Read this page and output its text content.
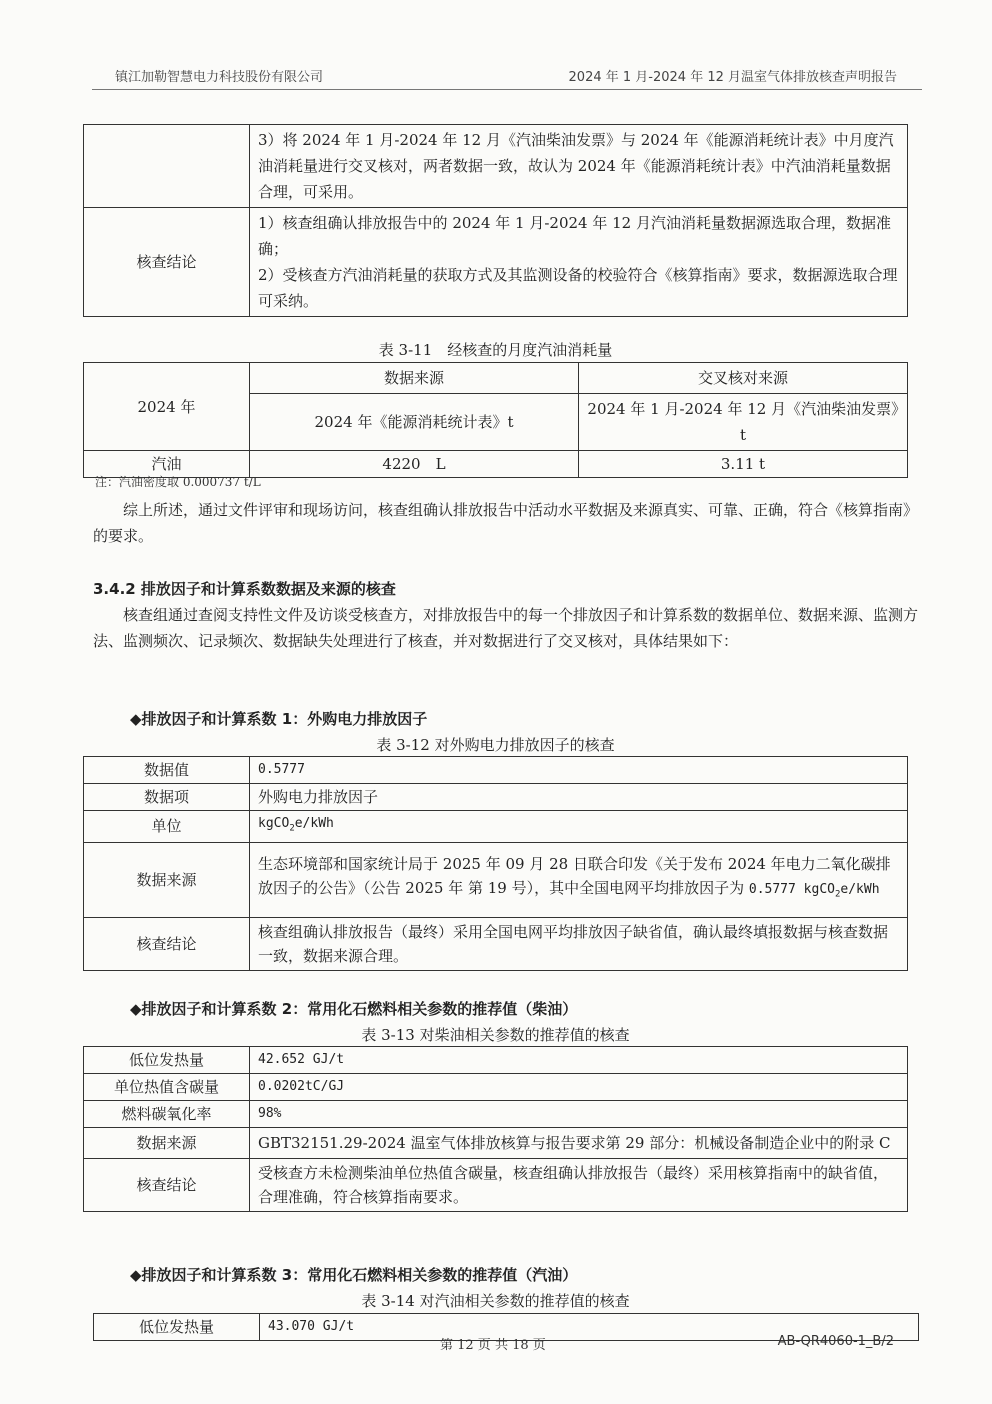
镇江加勒智慧电力科技股份有限公司	2024 年 1 月-2024 年 12 月温室气体排放核查声明报告
	3）将 2024 年 1 月-2024 年 12 月《汽油柴油发票》与 2024 年《能源消耗统计表》中月度汽油消耗量进行交叉核对，两者数据一致，故认为 2024 年《能源消耗统计表》中汽油消耗量数据合理，可采用。
核查结论	1）核查组确认排放报告中的 2024 年 1 月-2024 年 12 月汽油消耗量数据源选取合理，数据准确；
2）受核查方汽油消耗量的获取方式及其监测设备的校验符合《核算指南》要求，数据源选取合理可采纳。
表 3-11　经核查的月度汽油消耗量
2024 年	数据来源	交叉核对来源
	2024 年《能源消耗统计表》t	2024 年 1 月-2024 年 12 月《汽油柴油发票》t
汽油	4220　L	3.11 t
注：汽油密度取 0.000737 t/L
综上所述，通过文件评审和现场访问，核查组确认排放报告中活动水平数据及来源真实、可靠、正确，符合《核算指南》的要求。
3.4.2 排放因子和计算系数数据及来源的核查
核查组通过查阅支持性文件及访谈受核查方，对排放报告中的每一个排放因子和计算系数的数据单位、数据来源、监测方法、监测频次、记录频次、数据缺失处理进行了核查，并对数据进行了交叉核对，具体结果如下：
◆排放因子和计算系数 1：外购电力排放因子
表 3-12 对外购电力排放因子的核查
数据值	0.5777
数据项	外购电力排放因子
单位	kgCO$_2$e/kWh
数据来源	生态环境部和国家统计局于 2025 年 09 月 28 日联合印发《关于发布 2024 年电力二氧化碳排放因子的公告》（公告 2025 年 第 19 号），其中全国电网平均排放因子为 0.5777 kgCO$_2$e/kWh
核查结论	核查组确认排放报告（最终）采用全国电网平均排放因子缺省值，确认最终填报数据与核查数据一致，数据来源合理。
◆排放因子和计算系数 2：常用化石燃料相关参数的推荐值（柴油）
表 3-13 对柴油相关参数的推荐值的核查
低位发热量	42.652 GJ/t
单位热值含碳量	0.0202tC/GJ
燃料碳氧化率	98%
数据来源	GBT32151.29-2024 温室气体排放核算与报告要求第 29 部分：机械设备制造企业中的附录 C
核查结论	受核查方未检测柴油单位热值含碳量，核查组确认排放报告（最终）采用核算指南中的缺省值，合理准确，符合核算指南要求。
◆排放因子和计算系数 3：常用化石燃料相关参数的推荐值（汽油）
表 3-14 对汽油相关参数的推荐值的核查
低位发热量	43.070 GJ/t
第 12 页 共 18 页	AB-QR4060-1_B/2
